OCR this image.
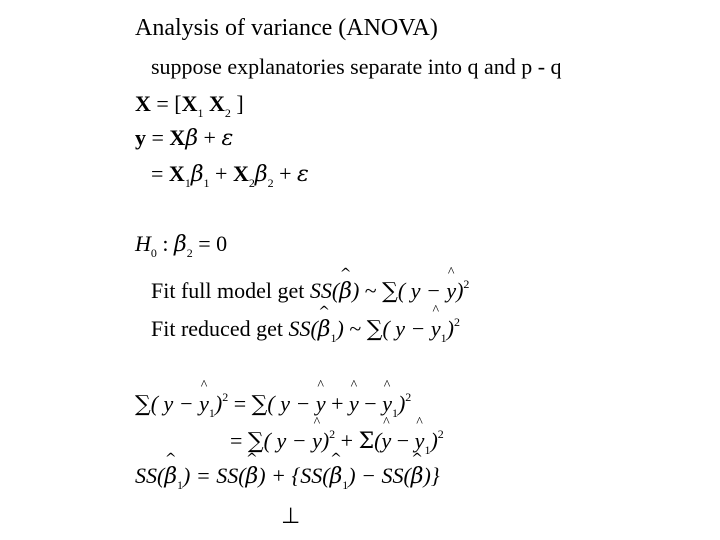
Analysis of variance (ANOVA)
suppose explanatories separate into q and p - q
$X = [X_1$ $X_2$ ]
y = Xβ + ε
= $X_1\beta_1 + X_2\beta_2 + \varepsilon$
$H_0$ : $\beta_2 = 0$
Fit full model get SS(^ β) ~ ∑( y − ^ y)$^2$
Fit reduced get SS(^ $\beta_1$) ~ ∑( y − ^ $y_1)^2$
∑( y − ^ $y_1)^2$ = ∑( y − ^ y + ^ y − ^ $y_1)^2$
= ∑( y − ^ y)$^2$ + Σ(^ y − ^ $y_1)^2$
SS(^ $\beta_1$) = SS(^ β) + {SS(^ $\beta_1$) − SS(^ β)}
⊥
